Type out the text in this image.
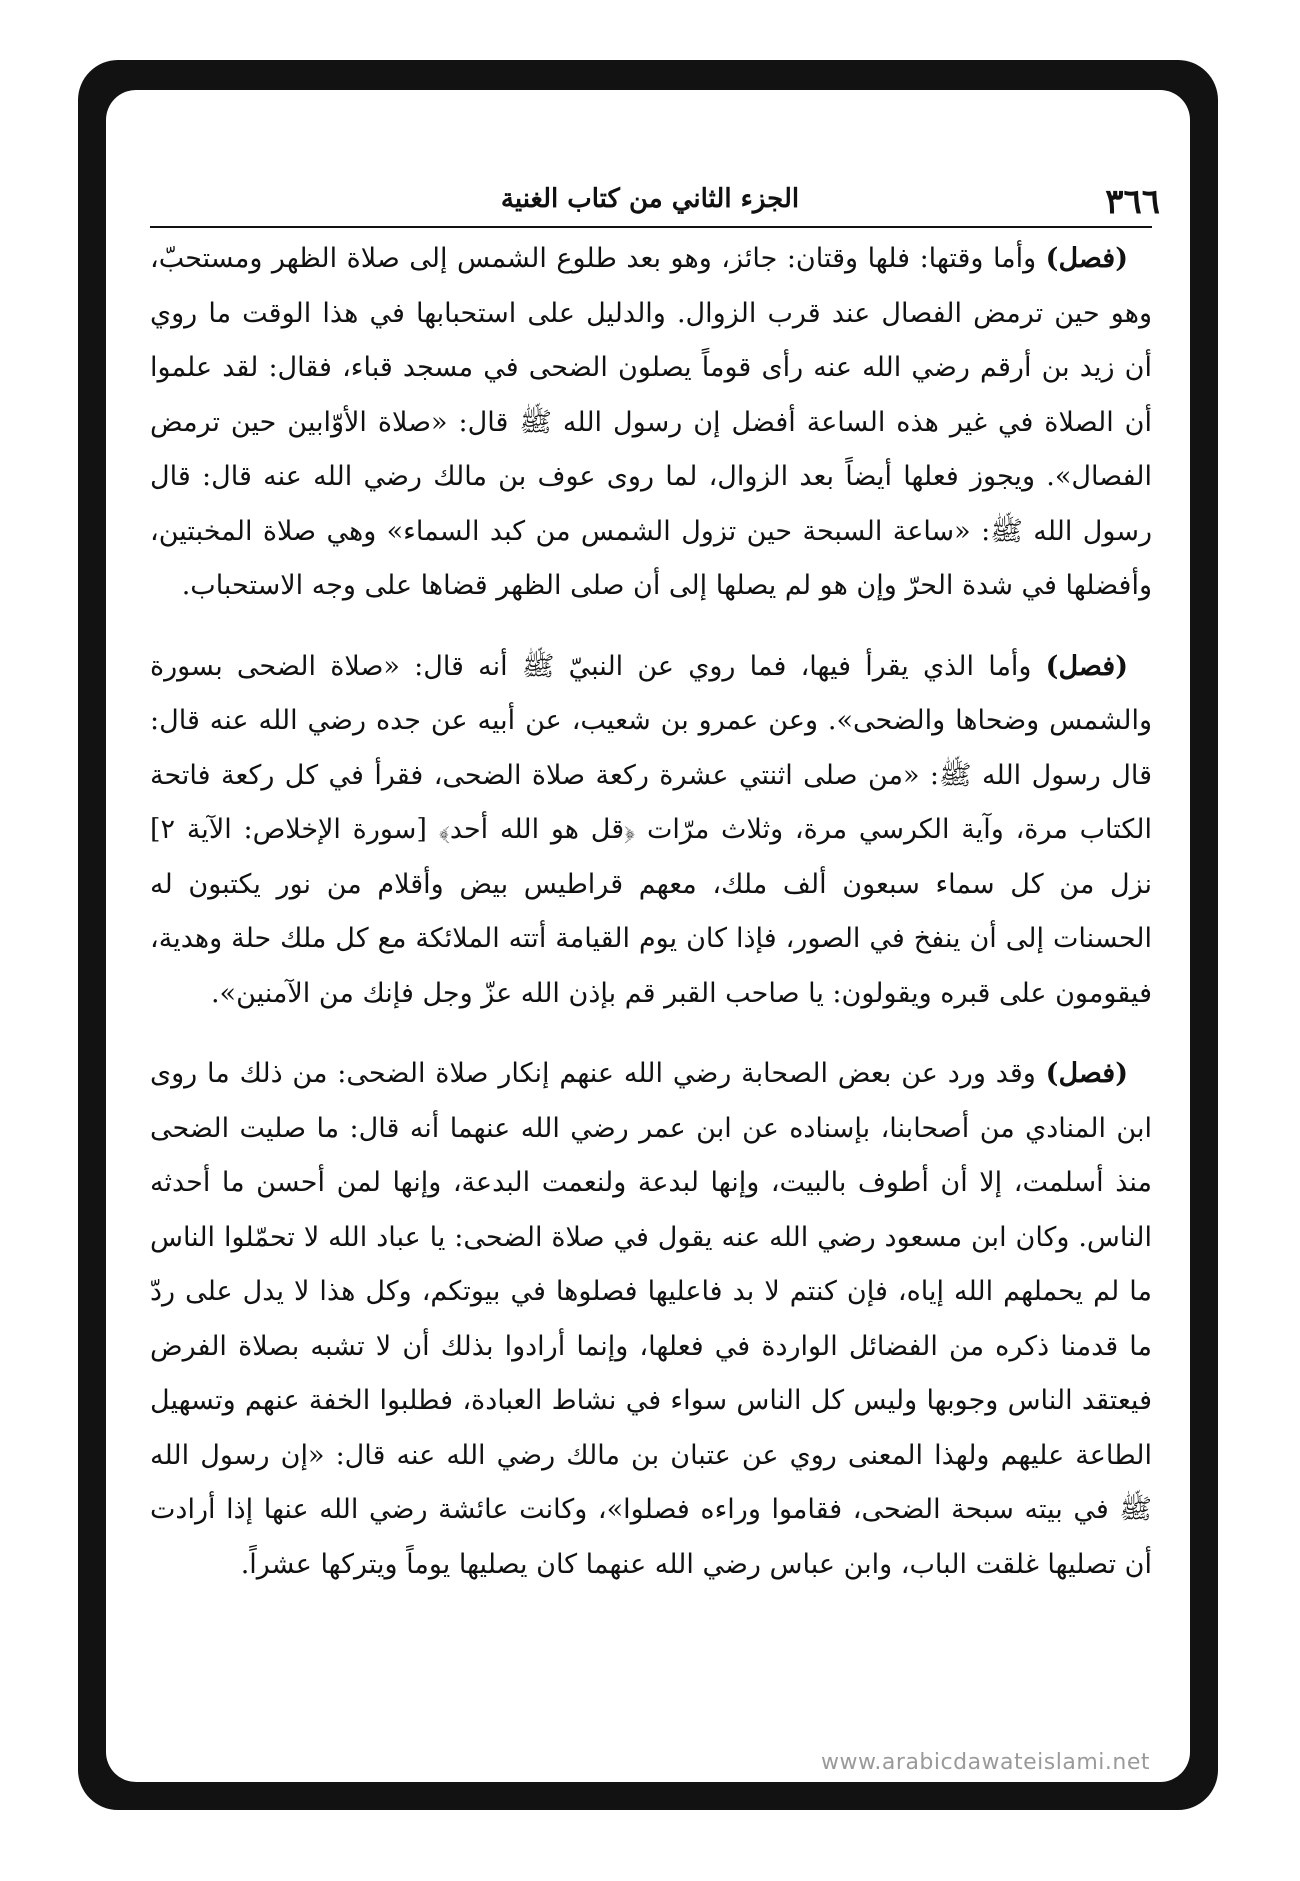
٣٦٦
الجزء الثاني من كتاب الغنية

(فصل) وأما وقتها: فلها وقتان: جائز، وهو بعد طلوع الشمس إلى صلاة الظهر ومستحبّ، وهو حين ترمض الفصال عند قرب الزوال. والدليل على استحبابها في هذا الوقت ما روي أن زيد بن أرقم رضي الله عنه رأى قوماً يصلون الضحى في مسجد قباء، فقال: لقد علموا أن الصلاة في غير هذه الساعة أفضل إن رسول الله ﷺ قال: «صلاة الأوّابين حين ترمض الفصال». ويجوز فعلها أيضاً بعد الزوال، لما روى عوف بن مالك رضي الله عنه قال: قال رسول الله ﷺ: «ساعة السبحة حين تزول الشمس من كبد السماء» وهي صلاة المخبتين، وأفضلها في شدة الحرّ وإن هو لم يصلها إلى أن صلى الظهر قضاها على وجه الاستحباب.

(فصل) وأما الذي يقرأ فيها، فما روي عن النبيّ ﷺ أنه قال: «صلاة الضحى بسورة والشمس وضحاها والضحى». وعن عمرو بن شعيب، عن أبيه عن جده رضي الله عنه قال: قال رسول الله ﷺ: «من صلى اثنتي عشرة ركعة صلاة الضحى، فقرأ في كل ركعة فاتحة الكتاب مرة، وآية الكرسي مرة، وثلاث مرّات ﴿قل هو الله أحد﴾ [سورة الإخلاص: الآية ٢] نزل من كل سماء سبعون ألف ملك، معهم قراطيس بيض وأقلام من نور يكتبون له الحسنات إلى أن ينفخ في الصور، فإذا كان يوم القيامة أتته الملائكة مع كل ملك حلة وهدية، فيقومون على قبره ويقولون: يا صاحب القبر قم بإذن الله عزّ وجل فإنك من الآمنين».

(فصل) وقد ورد عن بعض الصحابة رضي الله عنهم إنكار صلاة الضحى: من ذلك ما روى ابن المنادي من أصحابنا، بإسناده عن ابن عمر رضي الله عنهما أنه قال: ما صليت الضحى منذ أسلمت، إلا أن أطوف بالبيت، وإنها لبدعة ولنعمت البدعة، وإنها لمن أحسن ما أحدثه الناس. وكان ابن مسعود رضي الله عنه يقول في صلاة الضحى: يا عباد الله لا تحمّلوا الناس ما لم يحملهم الله إياه، فإن كنتم لا بد فاعليها فصلوها في بيوتكم، وكل هذا لا يدل على ردّ ما قدمنا ذكره من الفضائل الواردة في فعلها، وإنما أرادوا بذلك أن لا تشبه بصلاة الفرض فيعتقد الناس وجوبها وليس كل الناس سواء في نشاط العبادة، فطلبوا الخفة عنهم وتسهيل الطاعة عليهم ولهذا المعنى روي عن عتبان بن مالك رضي الله عنه قال: «إن رسول الله ﷺ في بيته سبحة الضحى، فقاموا وراءه فصلوا»، وكانت عائشة رضي الله عنها إذا أرادت أن تصليها غلقت الباب، وابن عباس رضي الله عنهما كان يصليها يوماً ويتركها عشراً.

www.arabicdawateislami.net
